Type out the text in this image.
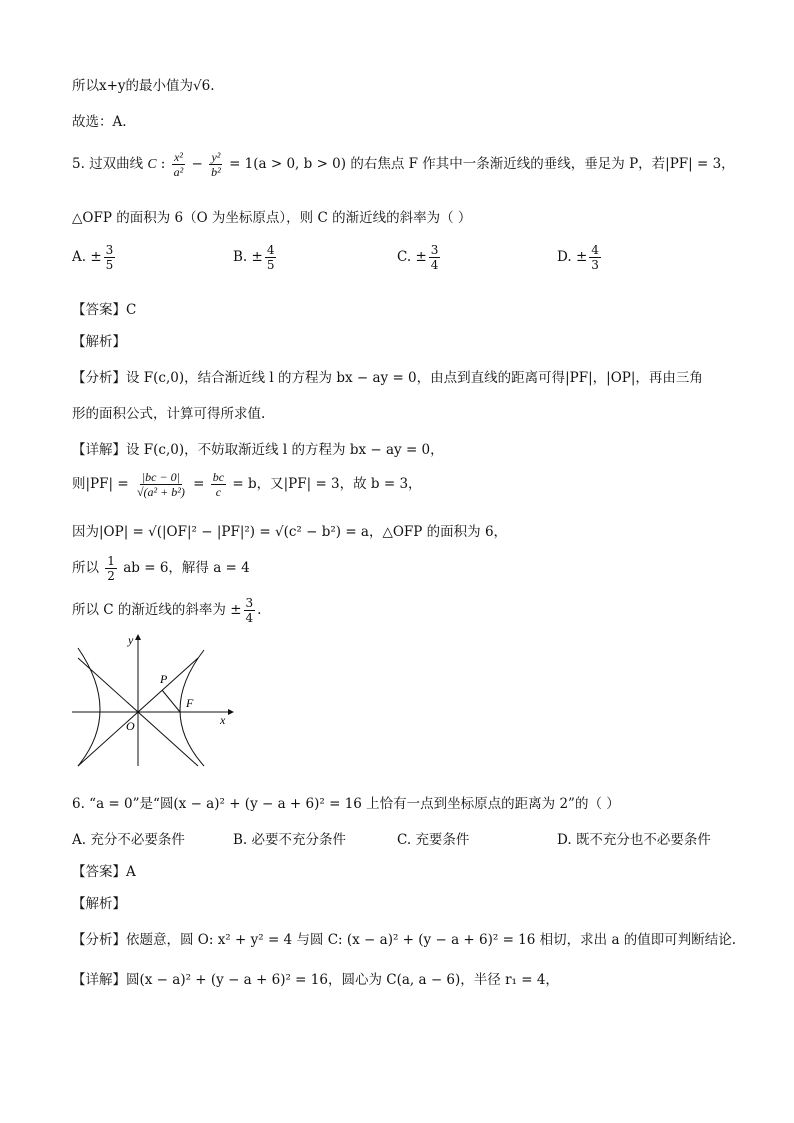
所以x+y的最小值为√6.
故选：A.
5. 过双曲线 C : $\frac{\text{x²}}{\text{a²}} - \frac{\text{y²}}{\text{b²}} = 1(a > 0$, b > 0) 的右焦点 F 作其中一条渐近线的垂线，垂足为 P，若|PF| = 3，
△OFP 的面积为 6（O 为坐标原点），则 C 的渐近线的斜率为（ ）
A. ± $\frac{3}{5}$	B. ± $\frac{4}{5}$	C. ± $\frac{3}{4}$	D. ± $\frac{4}{3}$
【答案】C
【解析】
【分析】设 F(c,0)，结合渐近线 l 的方程为 bx − ay = 0，由点到直线的距离可得|PF|，|OP|，再由三角
形的面积公式，计算可得所求值.
【详解】设 F(c,0)，不妨取渐近线 l 的方程为 bx − ay = 0，
则$|PF| = \frac{|bc - 0|}{\text{√(a² + b²)}} = \frac{bc}{c} = b$，又|PF| = 3，故 b = 3，
因为|OP| = √(|OF|² − |PF|²) = √(c² − b²) = a，△OFP 的面积为 6，
所以 $\frac{1}{2}$ ab = 6，解得 a = 4
所以 C 的渐近线的斜率为 ± $\frac{3}{4}$ .
y
x
O
P
F
6. “a = 0”是“圆(x − a)² + (y − a + 6)² = 16 上恰有一点到坐标原点的距离为 2”的（ ）
A. 充分不必要条件	B. 必要不充分条件	C. 充要条件	D. 既不充分也不必要条件
【答案】A
【解析】
【分析】依题意，圆 O: x² + y² = 4 与圆 C: (x − a)² + (y − a + 6)² = 16 相切，求出 a 的值即可判断结论.
【详解】圆(x − a)² + (y − a + 6)² = 16，圆心为 C(a, a − 6)，半径 r₁ = 4，
